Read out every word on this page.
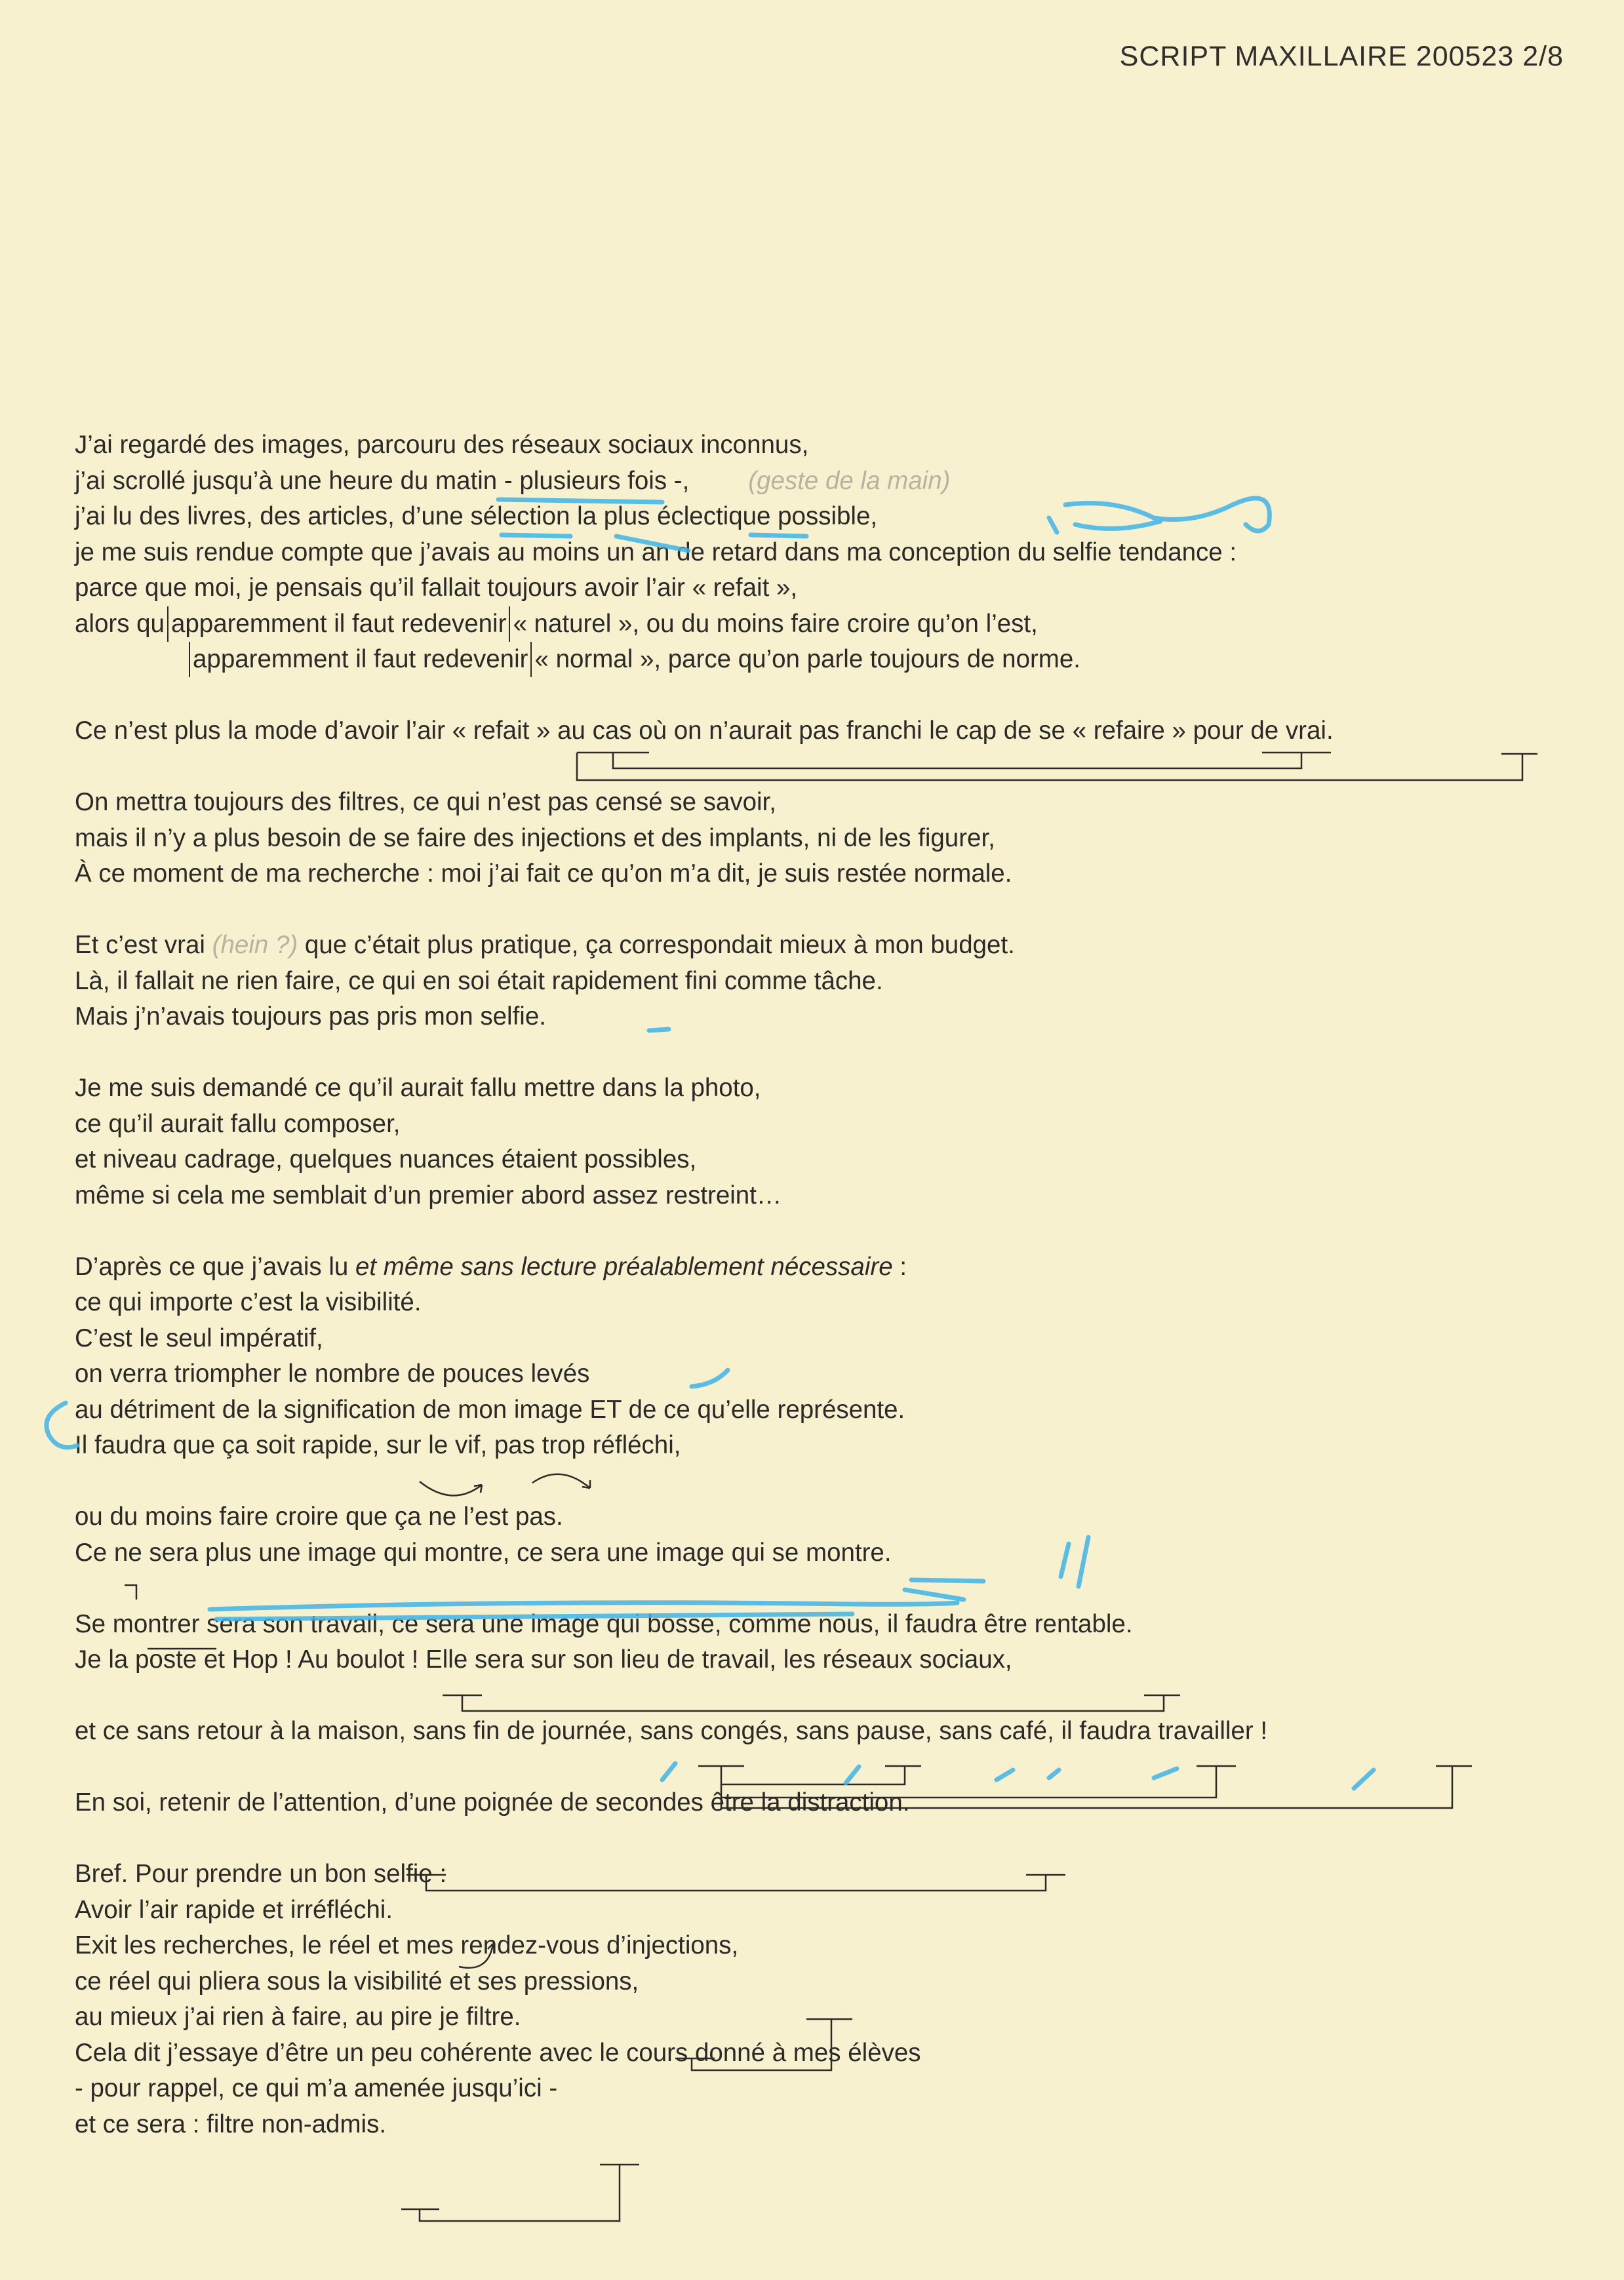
SCRIPT MAXILLAIRE 200523 2/8
J’ai regardé des images, parcouru des réseaux sociaux inconnus,
j’ai scrollé jusqu’à une heure du matin - plusieurs fois -, (geste de la main)
j’ai lu des livres, des articles, d’une sélection la plus éclectique possible,
je me suis rendue compte que j’avais au moins un an de retard dans ma conception du selfie tendance :
parce que moi, je pensais qu’il fallait toujours avoir l’air « refait »,
alors qu apparemment il faut redevenir « naturel », ou du moins faire croire qu’on l’est,
apparemment il faut redevenir « normal », parce qu’on parle toujours de norme.
Ce n’est plus la mode d’avoir l’air « refait » au cas où on n’aurait pas franchi le cap de se « refaire » pour de vrai.
On mettra toujours des filtres, ce qui n’est pas censé se savoir,
mais il n’y a plus besoin de se faire des injections et des implants, ni de les figurer,
À ce moment de ma recherche : moi j’ai fait ce qu’on m’a dit, je suis restée normale.
Et c’est vrai (hein ?) que c’était plus pratique, ça correspondait mieux à mon budget.
Là, il fallait ne rien faire, ce qui en soi était rapidement fini comme tâche.
Mais j’n’avais toujours pas pris mon selfie.
Je me suis demandé ce qu’il aurait fallu mettre dans la photo,
ce qu’il aurait fallu composer,
et niveau cadrage, quelques nuances étaient possibles,
même si cela me semblait d’un premier abord assez restreint…
D’après ce que j’avais lu et même sans lecture préalablement nécessaire :
ce qui importe c’est la visibilité.
C’est le seul impératif,
on verra triompher le nombre de pouces levés
au détriment de la signification de mon image ET de ce qu’elle représente.
Il faudra que ça soit rapide, sur le vif, pas trop réfléchi,
ou du moins faire croire que ça ne l’est pas.
Ce ne sera plus une image qui montre, ce sera une image qui se montre.
Se montrer sera son travail, ce sera une image qui bosse, comme nous, il faudra être rentable.
Je la poste et Hop ! Au boulot ! Elle sera sur son lieu de travail, les réseaux sociaux,
et ce sans retour à la maison, sans fin de journée, sans congés, sans pause, sans café, il faudra travailler !
En soi, retenir de l’attention, d’une poignée de secondes être la distraction.
Bref. Pour prendre un bon selfie :
Avoir l’air rapide et irréfléchi.
Exit les recherches, le réel et mes rendez-vous d’injections,
ce réel qui pliera sous la visibilité et ses pressions,
au mieux j’ai rien à faire, au pire je filtre.
Cela dit j’essaye d’être un peu cohérente avec le cours donné à mes élèves
- pour rappel, ce qui m’a amenée jusqu’ici -
et ce sera : filtre non-admis.
